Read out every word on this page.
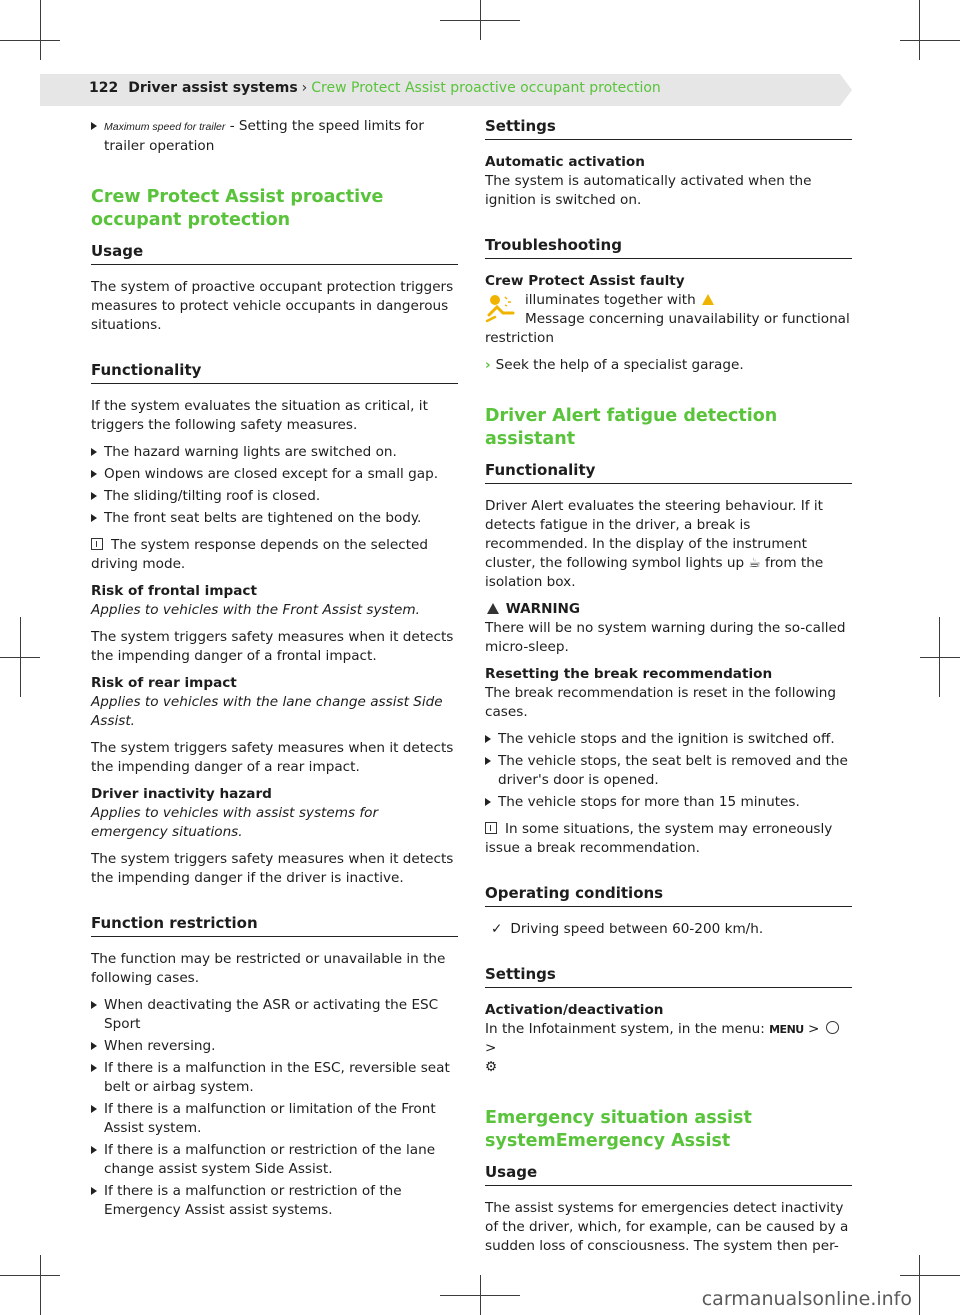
122 Driver assist systems › Crew Protect Assist proactive occupant protection
Maximum speed for trailer - Setting the speed limits for trailer operation
Crew Protect Assist proactive occupant protection
Usage

The system of proactive occupant protection triggers measures to protect vehicle occupants in dangerous situations.

Functionality

If the system evaluates the situation as critical, it triggers the following safety measures.

The hazard warning lights are switched on.
Open windows are closed except for a small gap.
The sliding/tilting roof is closed.
The front seat belts are tightened on the body.

The system response depends on the selected driving mode.

Risk of frontal impact
Applies to vehicles with the Front Assist system.

The system triggers safety measures when it detects the impending danger of a frontal impact.

Risk of rear impact
Applies to vehicles with the lane change assist Side Assist.

The system triggers safety measures when it detects the impending danger of a rear impact.

Driver inactivity hazard
Applies to vehicles with assist systems for emergency situations.

The system triggers safety measures when it detects the impending danger if the driver is inactive.

Function restriction

The function may be restricted or unavailable in the following cases.

When deactivating the ASR or activating the ESC Sport
When reversing.
If there is a malfunction in the ESC, reversible seat belt or airbag system.
If there is a malfunction or limitation of the Front Assist system.
If there is a malfunction or restriction of the lane change assist system Side Assist.
If there is a malfunction or restriction of the Emergency Assist assist systems.
Settings

Automatic activation
The system is automatically activated when the ignition is switched on.

Troubleshooting

Crew Protect Assist faulty
illuminates together with
Message concerning unavailability or functional restriction

› Seek the help of a specialist garage.

Driver Alert fatigue detection assistant
Functionality

Driver Alert evaluates the steering behaviour. If it detects fatigue in the driver, a break is recommended. In the display of the instrument cluster, the following symbol lights up ☕ from the isolation box.

WARNING
There will be no system warning during the so-called micro-sleep.

Resetting the break recommendation
The break recommendation is reset in the following cases.

The vehicle stops and the ignition is switched off.
The vehicle stops, the seat belt is removed and the driver's door is opened.
The vehicle stops for more than 15 minutes.

In some situations, the system may erroneously issue a break recommendation.

Operating conditions

✓ Driving speed between 60-200 km/h.

Settings

Activation/deactivation
In the Infotainment system, in the menu: MENU >  >
⚙

Emergency situation assist systemEmergency Assist
Usage

The assist systems for emergencies detect inactivity of the driver, which, for example, can be caused by a sudden loss of consciousness. The system then per-

carmanualsonline.info
